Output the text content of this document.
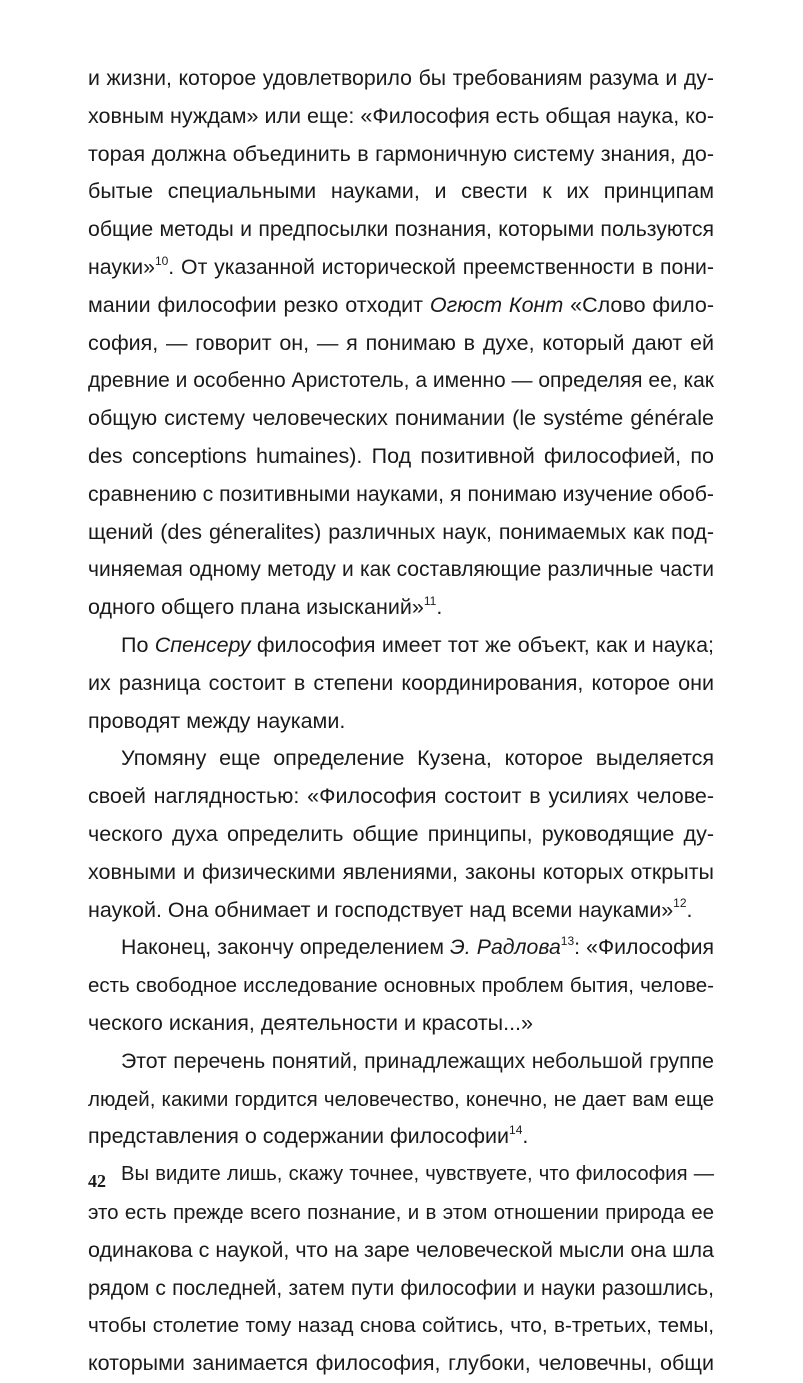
и жизни, которое удовлетворило бы требованиям разума и ду-
ховным нуждам» или еще: «Философия есть общая наука, ко-
торая должна объединить в гармоничную систему знания, до-
бытые специальными науками, и свести к их принципам
общие методы и предпосылки познания, которыми пользуются
науки»$^{10}$. От указанной исторической преемственности в пони-
мании философии резко отходит Огюст Конт «Слово фило-
софия, — говорит он, — я понимаю в духе, который дают ей
древние и особенно Аристотель, а именно — определяя ее, как
общую систему человеческих понимании (le systéme générale
des conceptions humaines). Под позитивной философией, по
сравнению с позитивными науками, я понимаю изучение обоб-
щений (des géneralites) различных наук, понимаемых как под-
чиняемая одному методу и как составляющие различные части
одного общего плана изысканий»$^{11}$.
По Спенсеру философия имеет тот же объект, как и наука;
их разница состоит в степени координирования, которое они
проводят между науками.
Упомяну еще определение Кузена, которое выделяется
своей наглядностью: «Философия состоит в усилиях челове-
ческого духа определить общие принципы, руководящие ду-
ховными и физическими явлениями, законы которых открыты
наукой. Она обнимает и господствует над всеми науками»$^{12}$.
Наконец, закончу определением Э. Радлова$^{13}$: «Философия
есть свободное исследование основных проблем бытия, челове-
ческого искания, деятельности и красоты...»
Этот перечень понятий, принадлежащих небольшой группе
людей, какими гордится человечество, конечно, не дает вам еще
представления о содержании философии$^{14}$.
Вы видите лишь, скажу точнее, чувствуете, что философия —
это есть прежде всего познание, и в этом отношении природа ее
одинакова с наукой, что на заре человеческой мысли она шла
рядом с последней, затем пути философии и науки разошлись,
чтобы столетие тому назад снова сойтись, что, в-третьих, темы,
которыми занимается философия, глубоки, человечны, общи
42
